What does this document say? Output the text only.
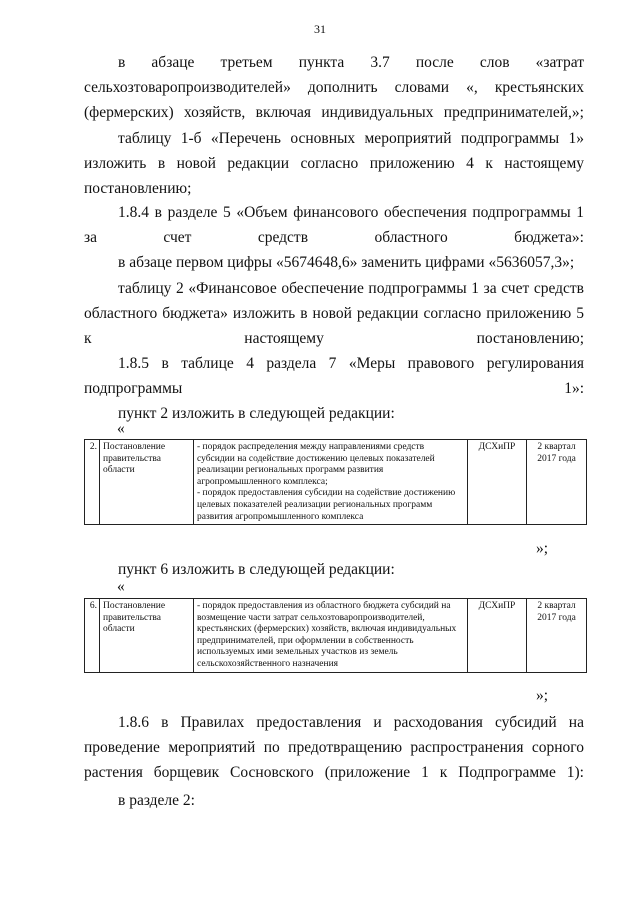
31
в абзаце третьем пункта 3.7 после слов «затрат сельхозтоваропроизводителей» дополнить словами «, крестьянских (фермерских) хозяйств, включая индивидуальных предпринимателей,»;
таблицу 1-б «Перечень основных мероприятий подпрограммы 1» изложить в новой редакции согласно приложению 4 к настоящему постановлению;
1.8.4 в разделе 5 «Объем финансового обеспечения подпрограммы 1 за счет средств областного бюджета»:
в абзаце первом цифры «5674648,6» заменить цифрами «5636057,3»;
таблицу 2 «Финансовое обеспечение подпрограммы 1 за счет средств областного бюджета» изложить в новой редакции согласно приложению 5 к настоящему постановлению;
1.8.5 в таблице 4 раздела 7 «Меры правового регулирования подпрограммы 1»:
пункт 2 изложить в следующей редакции:
«
2.	Постановление правительства области	- порядок распределения между направлениями средств субсидии на содействие достижению целевых показателей реализации региональных программ развития агропромышленного комплекса;
- порядок предоставления субсидии на содействие достижению целевых показателей реализации региональных программ развития агропромышленного комплекса	ДСХиПР	2 квартал 2017 года
»;
пункт 6 изложить в следующей редакции:
«
6.	Постановление правительства области	- порядок предоставления из областного бюджета субсидий на возмещение части затрат сельхозтоваропроизводителей, крестьянских (фермерских) хозяйств, включая индивидуальных предпринимателей, при оформлении в собственность используемых ими земельных участков из земель сельскохозяйственного назначения	ДСХиПР	2 квартал 2017 года
»;
1.8.6 в Правилах предоставления и расходования субсидий на проведение мероприятий по предотвращению распространения сорного растения борщевик Сосновского (приложение 1 к Подпрограмме 1):
в разделе 2:
